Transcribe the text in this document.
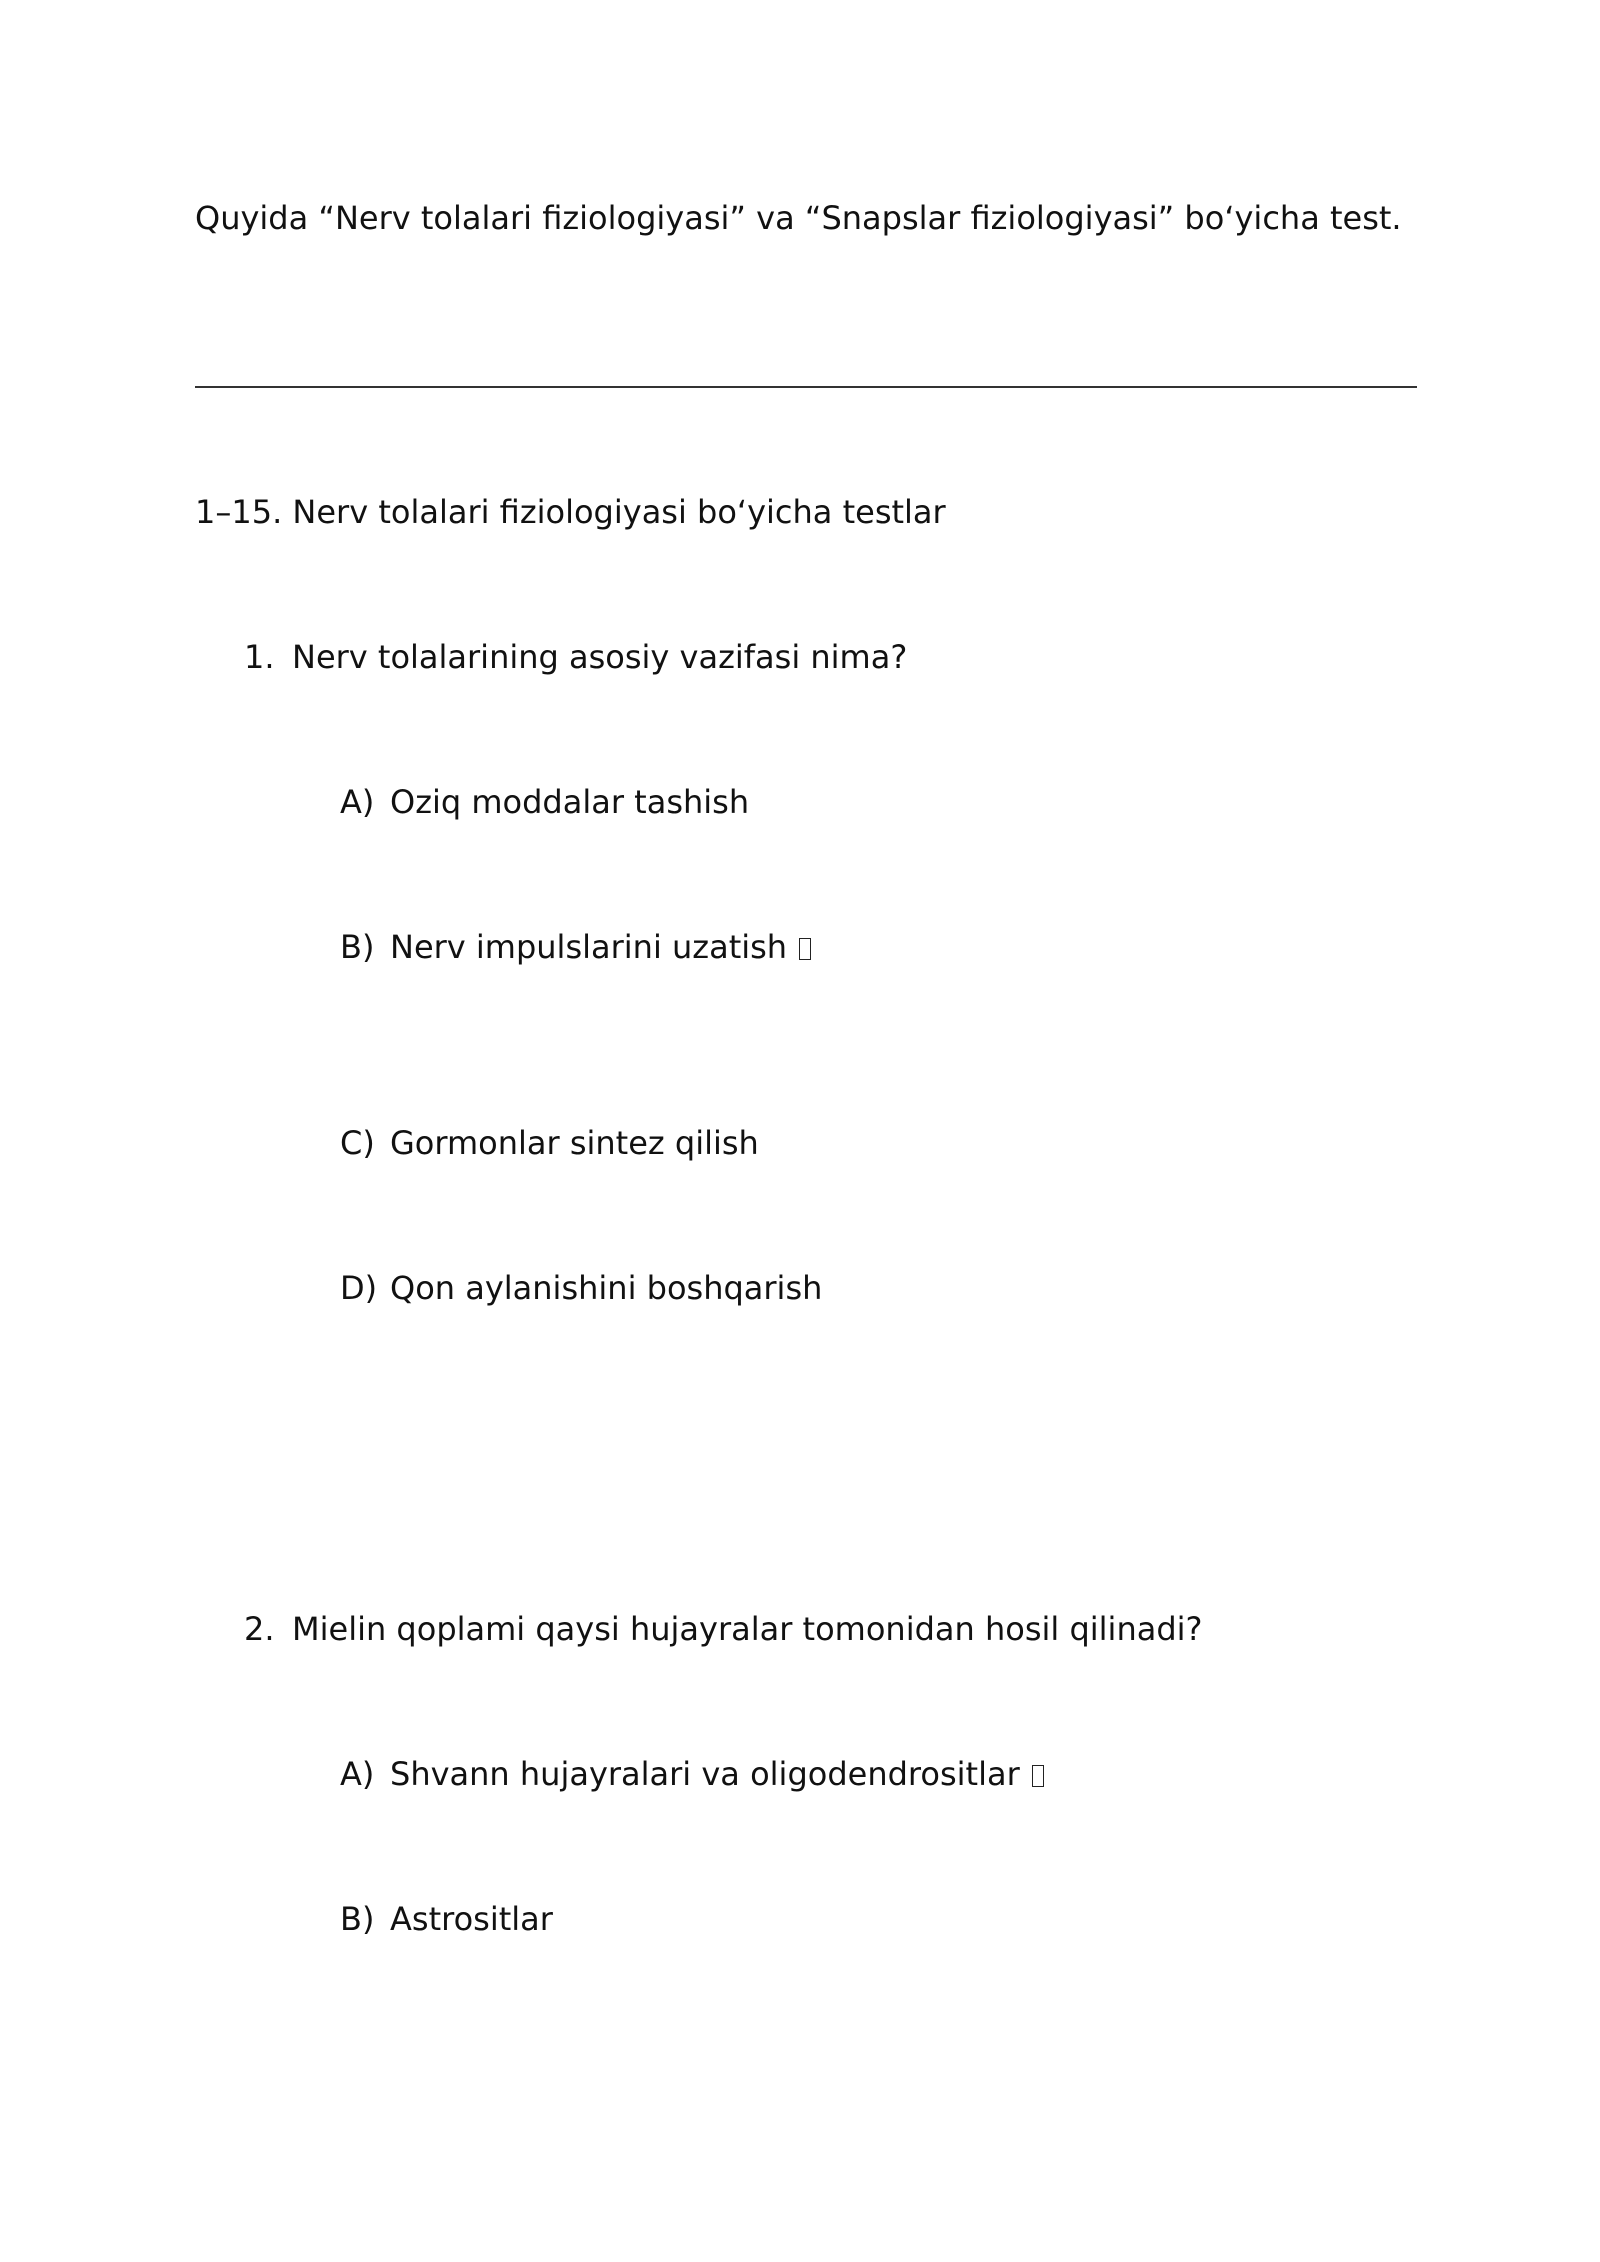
Quyida “Nerv tolalari fiziologiyasi” va “Snapslar fiziologiyasi” bo‘yicha test.
1–15. Nerv tolalari fiziologiyasi bo‘yicha testlar
1. Nerv tolalarining asosiy vazifasi nima?
A) Oziq moddalar tashish
B) Nerv impulslarini uzatish
C) Gormonlar sintez qilish
D) Qon aylanishini boshqarish
2. Mielin qoplami qaysi hujayralar tomonidan hosil qilinadi?
A) Shvann hujayralari va oligodendrositlar
B) Astrositlar
